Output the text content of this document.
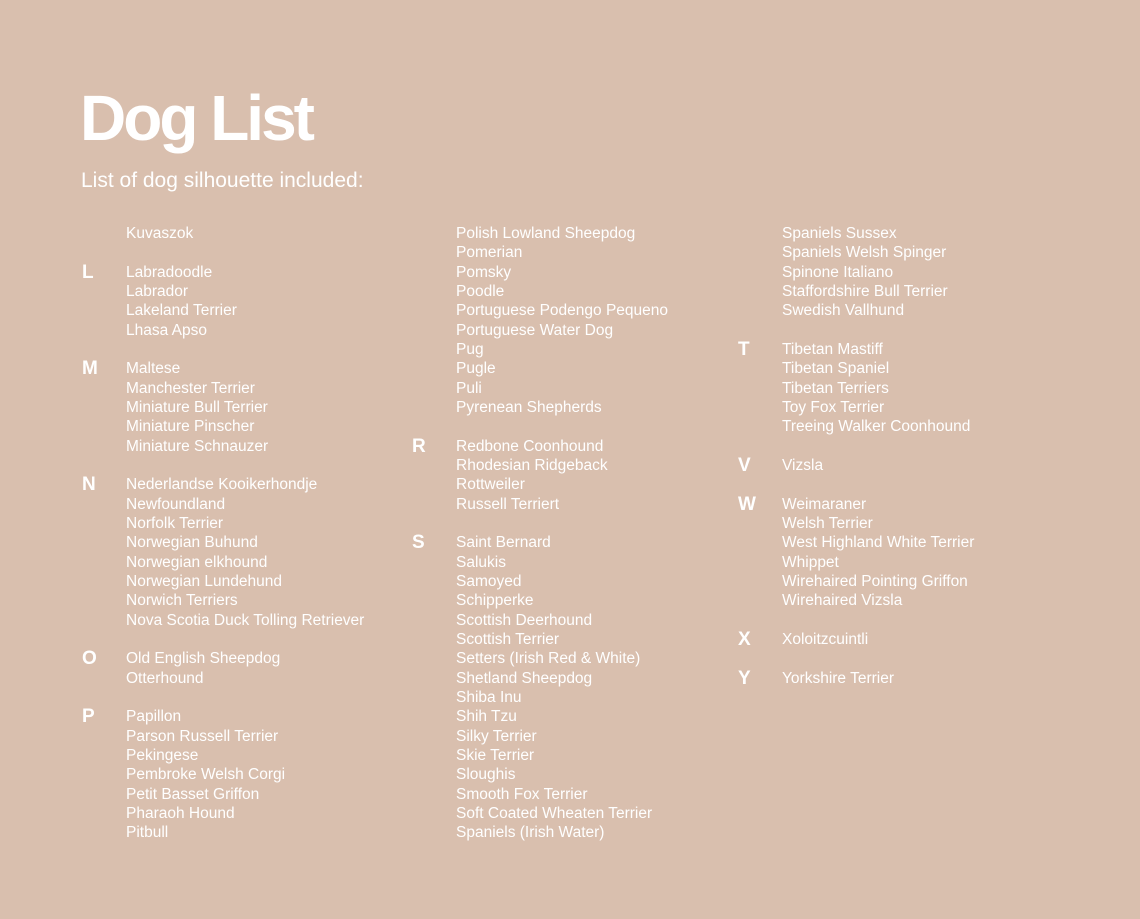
Dog List

List of dog silhouette included:

Kuvaszok
L Labradoodle
Labrador
Lakeland Terrier
Lhasa Apso
M Maltese
Manchester Terrier
Miniature Bull Terrier
Miniature Pinscher
Miniature Schnauzer
N Nederlandse Kooikerhondje
Newfoundland
Norfolk Terrier
Norwegian Buhund
Norwegian elkhound
Norwegian Lundehund
Norwich Terriers
Nova Scotia Duck Tolling Retriever
O Old English Sheepdog
Otterhound
P Papillon
Parson Russell Terrier
Pekingese
Pembroke Welsh Corgi
Petit Basset Griffon
Pharaoh Hound
Pitbull
Polish Lowland Sheepdog
Pomerian
Pomsky
Poodle
Portuguese Podengo Pequeno
Portuguese Water Dog
Pug
Pugle
Puli
Pyrenean Shepherds
R Redbone Coonhound
Rhodesian Ridgeback
Rottweiler
Russell Terriert
S Saint Bernard
Salukis
Samoyed
Schipperke
Scottish Deerhound
Scottish Terrier
Setters (Irish Red & White)
Shetland Sheepdog
Shiba Inu
Shih Tzu
Silky Terrier
Skie Terrier
Sloughis
Smooth Fox Terrier
Soft Coated Wheaten Terrier
Spaniels (Irish Water)
Spaniels Sussex
Spaniels Welsh Spinger
Spinone Italiano
Staffordshire Bull Terrier
Swedish Vallhund
T Tibetan Mastiff
Tibetan Spaniel
Tibetan Terriers
Toy Fox Terrier
Treeing Walker Coonhound
V Vizsla
W Weimaraner
Welsh Terrier
West Highland White Terrier
Whippet
Wirehaired Pointing Griffon
Wirehaired Vizsla
X Xoloitzcuintli
Y Yorkshire Terrier
